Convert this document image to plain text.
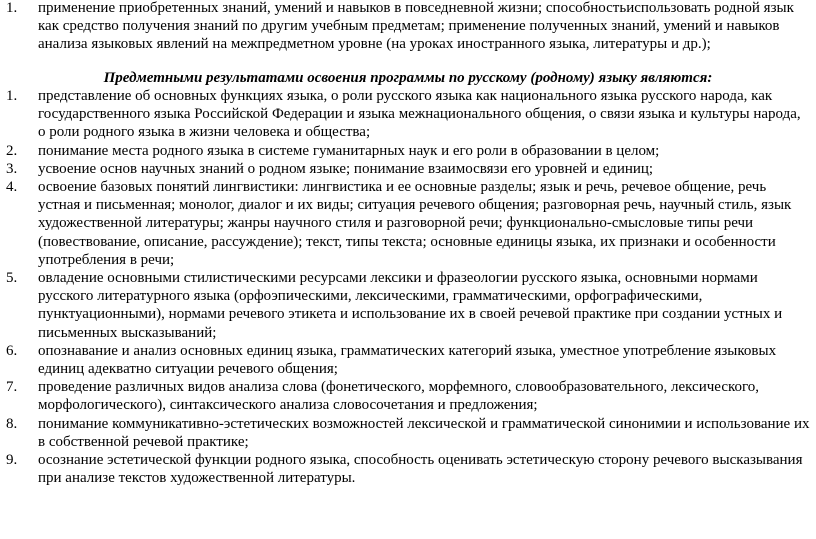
1.	применение приобретенных знаний, умений и навыков в повседневной жизни; способностьиспользовать родной язык как средство получения знаний по другим учебным предметам; применение полученных знаний, умений и навыков анализа языковых явлений на межпредметном уровне (на уроках иностранного языка, литературы и др.);
Предметными результатами освоения программы по русскому (родному) языку являются:
1.	представление об основных функциях языка, о роли русского языка как национального языка русского народа, как государственного языка Российской Федерации и языка межнационального общения, о связи языка и культуры народа, о роли родного языка в жизни человека и общества;
2.	понимание места родного языка в системе гуманитарных наук и его роли в образовании в целом;
3.	усвоение основ научных знаний о родном языке; понимание взаимосвязи его уровней и единиц;
4.	освоение базовых понятий лингвистики: лингвистика и ее основные разделы; язык и речь, речевое общение, речь устная и письменная; монолог, диалог и их виды; ситуация речевого общения; разговорная речь, научный стиль, язык художественной литературы; жанры научного стиля и разговорной речи; функционально-смысловые типы речи (повествование, описание, рассуждение); текст, типы текста; основные единицы языка, их признаки и особенности употребления в речи;
5.	овладение основными стилистическими ресурсами лексики и фразеологии русского языка, основными нормами русского литературного языка (орфоэпическими, лексическими, грамматическими, орфографическими, пунктуационными), нормами речевого этикета и использование их в своей речевой практике при создании устных и письменных высказываний;
6.	опознавание и анализ основных единиц языка, грамматических категорий языка, уместное употребление языковых единиц адекватно ситуации речевого общения;
7.	проведение различных видов анализа слова (фонетического, морфемного, словообразовательного, лексического, морфологического), синтаксического анализа словосочетания и предложения;
8.	понимание коммуникативно-эстетических возможностей лексической и грамматической синонимии и использование их в собственной речевой практике;
9.	осознание эстетической функции родного языка, способность оценивать эстетическую сторону речевого высказывания при анализе текстов художественной литературы.
